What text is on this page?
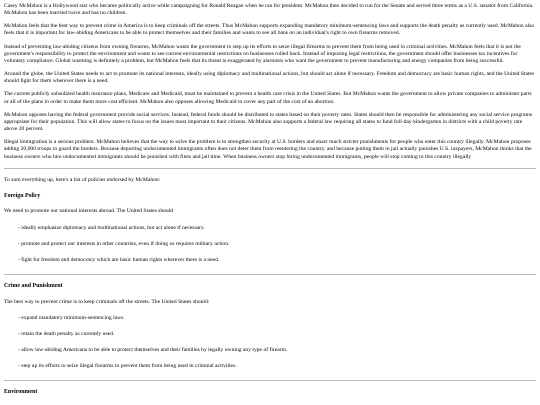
Casey McMahon is a Hollywood star who became politically active while campaigning for Ronald Reagan when he ran for president. McMahon then decided to run for the Senate and served three terms as a U.S. senator from California. McMahon has been married twice and has no children.

McMahon feels that the best way to prevent crime in America is to keep criminals off the streets. Thus McMahon supports expanding mandatory minimum-sentencing laws and supports the death penalty as currently used. McMahon also feels that it is important for law-abiding Americans to be able to protect themselves and their families and wants to see all bans on an individual's right to own firearms removed.

Instead of preventing law-abiding citizens from owning firearms, McMahon wants the government to step up its efforts to seize illegal firearms to prevent them from being used in criminal activities. McMahon feels that it is not the government's responsibility to protect the environment and wants to see current environmental restrictions on businesses rolled back. Instead of imposing legal restrictions, the government should offer businesses tax incentives for voluntary compliance. Global warming is definitely a problem, but McMahon feels that its threat is exaggerated by alarmists who want the government to prevent manufacturing and energy companies from being successful.

Around the globe, the United States needs to act to promote its national interests, ideally using diplomacy and multinational actions, but should act alone if necessary. Freedom and democracy are basic human rights, and the United States should fight for them wherever there is a need.

The current publicly subsidized health insurance plans, Medicare and Medicaid, must be maintained to prevent a health care crisis in the United States. But McMahon wants the government to allow private companies to administer parts or all of the plans in order to make them more cost efficient. McMahon also opposes allowing Medicaid to cover any part of the cost of an abortion.

McMahon opposes having the federal government provide social services. Instead, federal funds should be distributed to states based on their poverty rates. States should then be responsible for administering any social service programs appropriate for their population. This will allow states to focus on the issues most important to their citizens. McMahon also supports a federal law requiring all states to fund full-day kindergarten in districts with a child poverty rate above 20 percent.

Illegal immigration is a serious problem. McMahon believes that the way to solve the problem is to strengthen security at U.S. borders and enact much stricter punishments for people who enter this country illegally. McMahon proposes adding 20,000 troops to guard the borders. Because deporting undocumented immigrants often does not deter them from reentering the country, and because putting them in jail actually punishes U.S. taxpayers, McMahon thinks that the business owners who hire undocumented immigrants should be punished with fines and jail time. When business owners stop hiring undocumented immigrants, people will stop coming to this country illegally

To sum everything up, here's a list of policies endorsed by McMahon:

Foreign Policy

We need to promote our national interests abroad. The United States should

- ideally emphasize diplomacy and multinational actions, but act alone if necessary.
- promote and protect our interests in other countries, even if doing so requires military action.
- fight for freedom and democracy which are basic human rights wherever there is a need.
Crime and Punishment

The best way to prevent crime is to keep criminals off the streets. The United States should:

- expand mandatory minimum-sentencing laws.
- retain the death penalty as currently used.
- allow law-abiding Americans to be able to protect themselves and their families by legally owning any type of firearm.
- step up its efforts to seize illegal firearms to prevent them from being used in criminal activities.
Environment
